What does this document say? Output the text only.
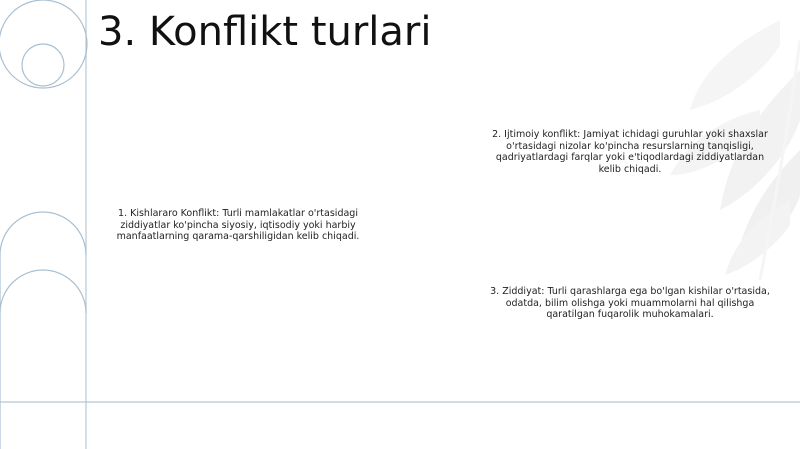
3. Konflikt turlari
1. Kishlararo Konflikt: Turli mamlakatlar o'rtasidagi ziddiyatlar ko'pincha siyosiy, iqtisodiy yoki harbiy manfaatlarning qarama-qarshiligidan kelib chiqadi.
2. Ijtimoiy konflikt: Jamiyat ichidagi guruhlar yoki shaxslar o'rtasidagi nizolar ko'pincha resurslarning tanqisligi, qadriyatlardagi farqlar yoki e'tiqodlardagi ziddiyatlardan kelib chiqadi.
3. Ziddiyat: Turli qarashlarga ega bo'lgan kishilar o'rtasida, odatda, bilim olishga yoki muammolarni hal qilishga qaratilgan fuqarolik muhokamalari.
